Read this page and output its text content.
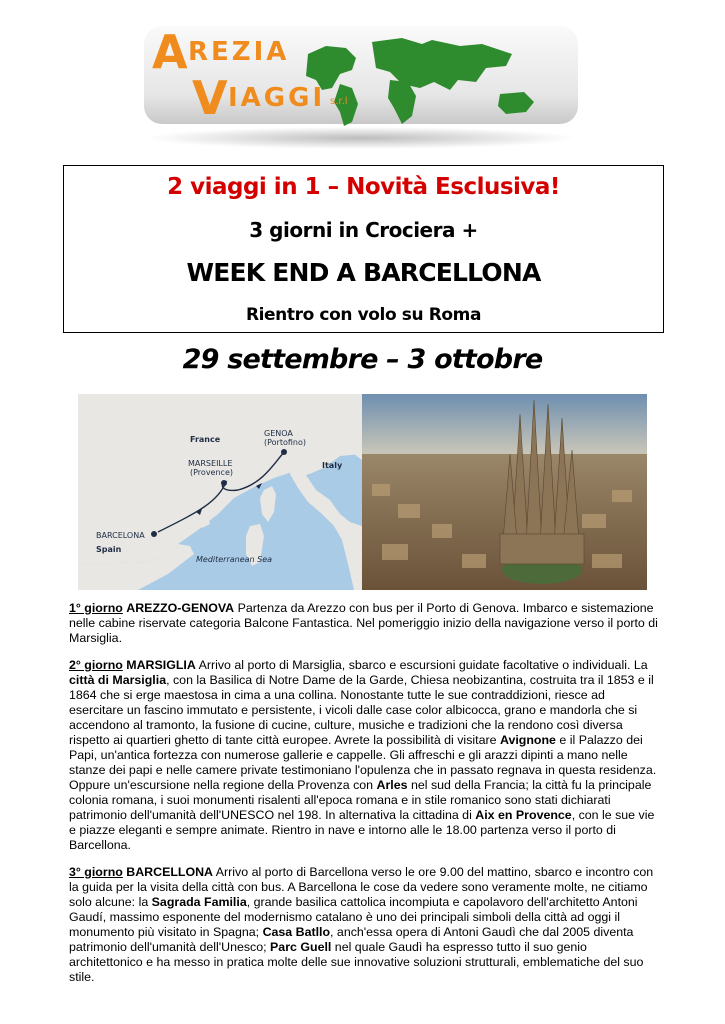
A REZIA
V IAGGI s.r.l
2 viaggi in 1 – Novità Esclusiva!
3 giorni in Crociera +
WEEK END A BARCELLONA
Rientro con volo su Roma
29 settembre – 3 ottobre
France
Italy
Spain
GENOA
(Portofino)
MARSEILLE
(Provence)
BARCELONA
Mediterranean Sea

1° giorno AREZZO-GENOVA Partenza da Arezzo con bus per il Porto di Genova. Imbarco e sistemazione nelle cabine riservate categoria Balcone Fantastica. Nel pomeriggio inizio della navigazione verso il porto di Marsiglia.

2° giorno MARSIGLIA Arrivo al porto di Marsiglia, sbarco e escursioni guidate facoltative o individuali. La città di Marsiglia, con la Basilica di Notre Dame de la Garde, Chiesa neobizantina, costruita tra il 1853 e il 1864 che si erge maestosa in cima a una collina. Nonostante tutte le sue contraddizioni, riesce ad esercitare un fascino immutato e persistente, i vicoli dalle case color albicocca, grano e mandorla che si accendono al tramonto, la fusione di cucine, culture, musiche e tradizioni che la rendono così diversa rispetto ai quartieri ghetto di tante città europee. Avrete la possibilità di visitare Avignone e il Palazzo dei Papi, un'antica fortezza con numerose gallerie e cappelle. Gli affreschi e gli arazzi dipinti a mano nelle stanze dei papi e nelle camere private testimoniano l'opulenza che in passato regnava in questa residenza. Oppure un'escursione nella regione della Provenza con Arles nel sud della Francia; la città fu la principale colonia romana, i suoi monumenti risalenti all'epoca romana e in stile romanico sono stati dichiarati patrimonio dell'umanità dell'UNESCO nel 198. In alternativa la cittadina di Aix en Provence, con le sue vie e piazze eleganti e sempre animate. Rientro in nave e intorno alle le 18.00 partenza verso il porto di Barcellona.

3° giorno BARCELLONA Arrivo al porto di Barcellona verso le ore 9.00 del mattino, sbarco e incontro con la guida per la visita della città con bus. A Barcellona le cose da vedere sono veramente molte, ne citiamo solo alcune: la Sagrada Familia, grande basilica cattolica incompiuta e capolavoro dell'architetto Antoni Gaudí, massimo esponente del modernismo catalano è uno dei principali simboli della città ad oggi il monumento più visitato in Spagna; Casa Batllo, anch'essa opera di Antoni Gaudì che dal 2005 diventa patrimonio dell'umanità dell'Unesco; Parc Guell nel quale Gaudì ha espresso tutto il suo genio architettonico e ha messo in pratica molte delle sue innovative soluzioni strutturali, emblematiche del suo stile.
